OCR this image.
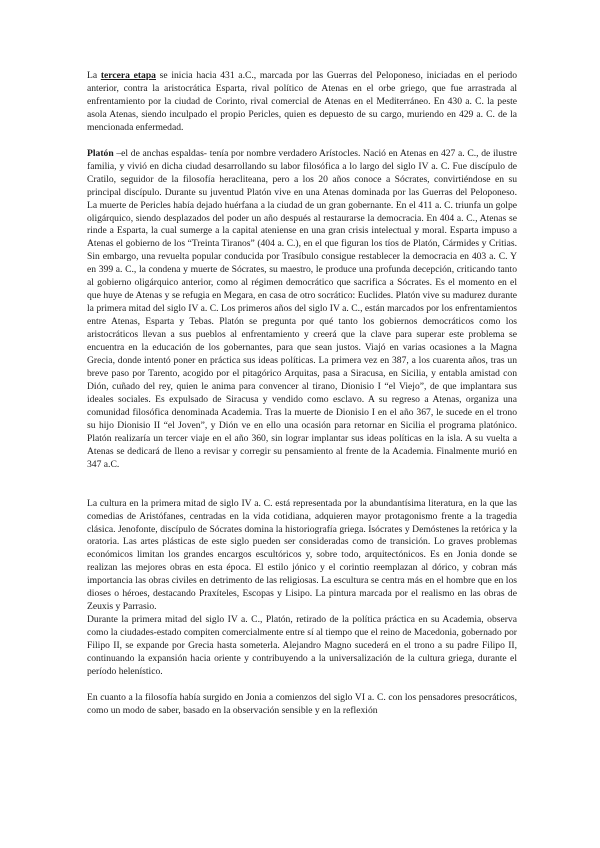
La tercera etapa se inicia hacia 431 a.C., marcada por las Guerras del Peloponeso, iniciadas en el periodo anterior, contra la aristocrática Esparta, rival político de Atenas en el orbe griego, que fue arrastrada al enfrentamiento por la ciudad de Corinto, rival comercial de Atenas en el Mediterráneo. En 430 a. C. la peste asola Atenas, siendo inculpado el propio Pericles, quien es depuesto de su cargo, muriendo en 429 a. C. de la mencionada enfermedad.

Platón –el de anchas espaldas- tenía por nombre verdadero Arístocles. Nació en Atenas en 427 a. C., de ilustre familia, y vivió en dicha ciudad desarrollando su labor filosófica a lo largo del siglo IV a. C. Fue discípulo de Cratilo, seguidor de la filosofía heracliteana, pero a los 20 años conoce a Sócrates, convirtiéndose en su principal discípulo. Durante su juventud Platón vive en una Atenas dominada por las Guerras del Peloponeso. La muerte de Pericles había dejado huérfana a la ciudad de un gran gobernante. En el 411 a. C. triunfa un golpe oligárquico, siendo desplazados del poder un año después al restaurarse la democracia. En 404 a. C., Atenas se rinde a Esparta, la cual sumerge a la capital ateniense en una gran crisis intelectual y moral. Esparta impuso a Atenas el gobierno de los “Treinta Tiranos” (404 a. C.), en el que figuran los tíos de Platón, Cármides y Critias. Sin embargo, una revuelta popular conducida por Trasíbulo consigue restablecer la democracia en 403 a. C. Y en 399 a. C., la condena y muerte de Sócrates, su maestro, le produce una profunda decepción, criticando tanto al gobierno oligárquico anterior, como al régimen democrático que sacrifica a Sócrates. Es el momento en el que huye de Atenas y se refugia en Megara, en casa de otro socrático: Euclides. Platón vive su madurez durante la primera mitad del siglo IV a. C. Los primeros años del siglo IV a. C., están marcados por los enfrentamientos entre Atenas, Esparta y Tebas. Platón se pregunta por qué tanto los gobiernos democráticos como los aristocráticos llevan a sus pueblos al enfrentamiento y creerá que la clave para superar este problema se encuentra en la educación de los gobernantes, para que sean justos. Viajó en varias ocasiones a la Magna Grecia, donde intentó poner en práctica sus ideas políticas. La primera vez en 387, a los cuarenta años, tras un breve paso por Tarento, acogido por el pitagórico Arquitas, pasa a Siracusa, en Sicilia, y entabla amistad con Dión, cuñado del rey, quien le anima para convencer al tirano, Dionisio I “el Viejo”, de que implantara sus ideales sociales. Es expulsado de Siracusa y vendido como esclavo. A su regreso a Atenas, organiza una comunidad filosófica denominada Academia. Tras la muerte de Dionisio I en el año 367, le sucede en el trono su hijo Dionisio II “el Joven”, y Dión ve en ello una ocasión para retornar en Sicilia el programa platónico. Platón realizaría un tercer viaje en el año 360, sin lograr implantar sus ideas políticas en la isla. A su vuelta a Atenas se dedicará de lleno a revisar y corregir su pensamiento al frente de la Academia. Finalmente murió en 347 a.C.

La cultura en la primera mitad de siglo IV a. C. está representada por la abundantísima literatura, en la que las comedias de Aristófanes, centradas en la vida cotidiana, adquieren mayor protagonismo frente a la tragedia clásica. Jenofonte, discípulo de Sócrates domina la historiografía griega. Isócrates y Demóstenes la retórica y la oratoria. Las artes plásticas de este siglo pueden ser consideradas como de transición. Lo graves problemas económicos limitan los grandes encargos escultóricos y, sobre todo, arquitectónicos. Es en Jonia donde se realizan las mejores obras en esta época. El estilo jónico y el corintio reemplazan al dórico, y cobran más importancia las obras civiles en detrimento de las religiosas. La escultura se centra más en el hombre que en los dioses o héroes, destacando Praxíteles, Escopas y Lisipo. La pintura marcada por el realismo en las obras de Zeuxis y Parrasio.

Durante la primera mitad del siglo IV a. C., Platón, retirado de la política práctica en su Academia, observa como la ciudades-estado compiten comercialmente entre sí al tiempo que el reino de Macedonia, gobernado por Filipo II, se expande por Grecia hasta someterla. Alejandro Magno sucederá en el trono a su padre Filipo II, continuando la expansión hacia oriente y contribuyendo a la universalización de la cultura griega, durante el período helenístico.

En cuanto a la filosofía había surgido en Jonia a comienzos del siglo VI a. C. con los pensadores presocráticos, como un modo de saber, basado en la observación sensible y en la reflexión
